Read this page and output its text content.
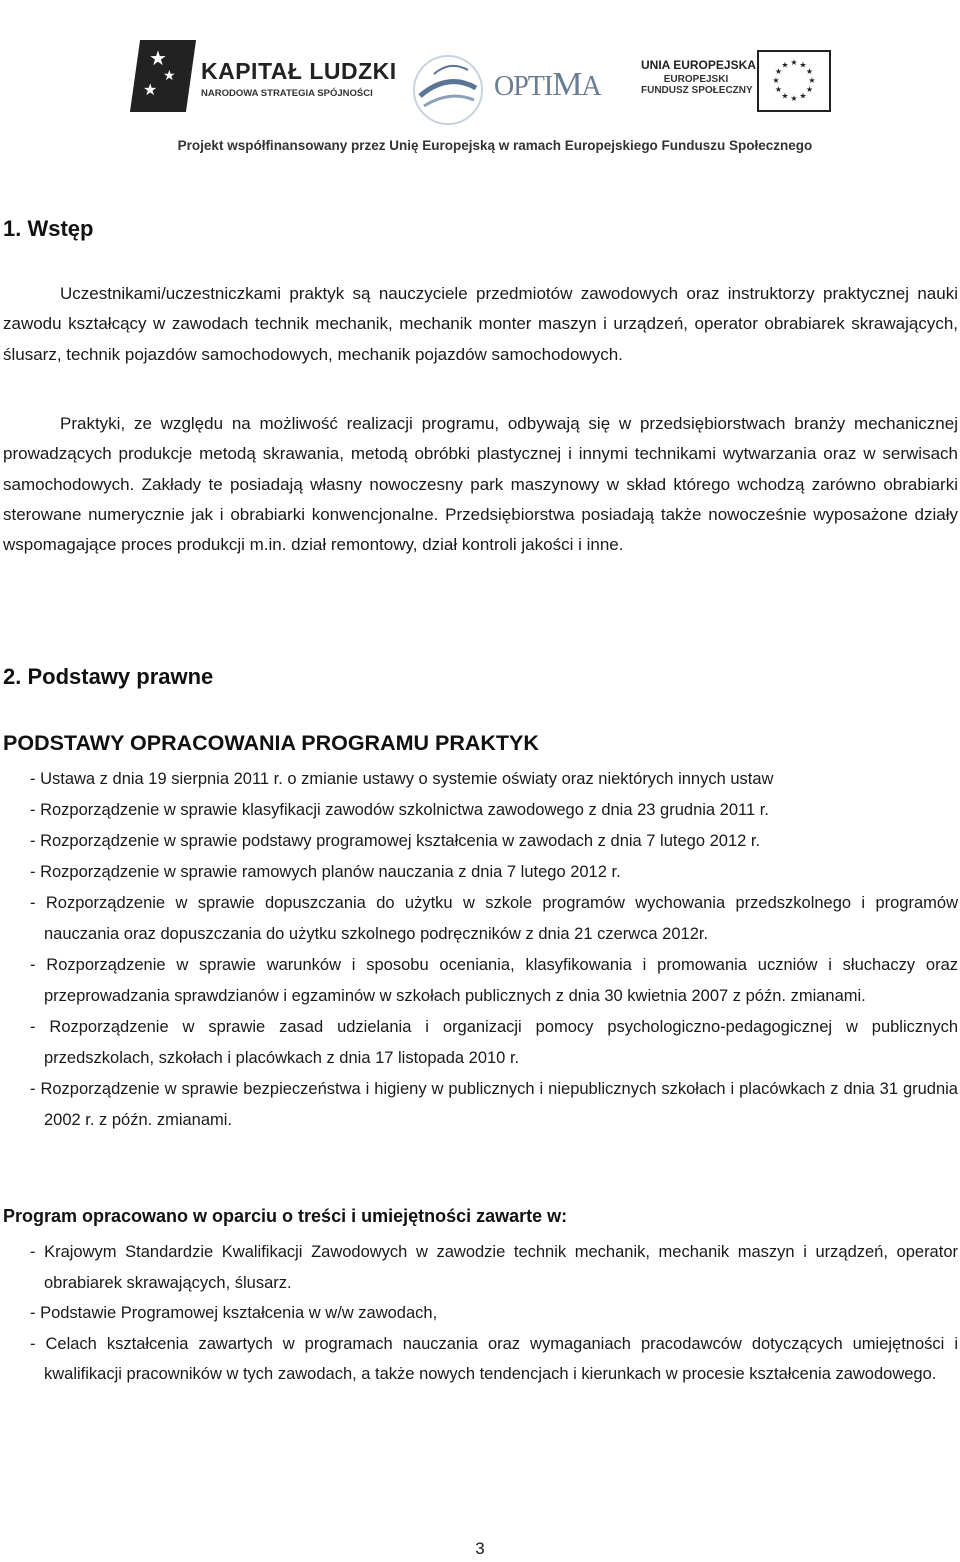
★
★
★
KAPITAŁ LUDZKI
NARODOWA STRATEGIA SPÓJNOŚCI	OPTIMA
UNIA EUROPEJSKA
EUROPEJSKI
FUNDUSZ SPOŁECZNY
★ ★
★
★
★
★
★
★
★
★
★
★
Projekt współfinansowany przez Unię Europejską w ramach Europejskiego Funduszu Społecznego
1. Wstęp

Uczestnikami/uczestniczkami praktyk są nauczyciele przedmiotów zawodowych oraz instruktorzy praktycznej nauki zawodu kształcący w zawodach technik mechanik, mechanik monter maszyn i urządzeń, operator obrabiarek skrawających, ślusarz, technik pojazdów samochodowych, mechanik pojazdów samochodowych.

Praktyki, ze względu na możliwość realizacji programu, odbywają się w przedsiębiorstwach branży mechanicznej prowadzących produkcje metodą skrawania, metodą obróbki plastycznej i innymi technikami wytwarzania oraz w serwisach samochodowych. Zakłady te posiadają własny nowoczesny park maszynowy w skład którego wchodzą zarówno obrabiarki sterowane numerycznie jak i obrabiarki konwencjonalne. Przedsiębiorstwa posiadają także nowocześnie wyposażone działy wspomagające proces produkcji m.in. dział remontowy, dział kontroli jakości i inne.

2. Podstawy prawne
PODSTAWY OPRACOWANIA PROGRAMU PRAKTYK
- Ustawa z dnia 19 sierpnia 2011 r. o zmianie ustawy o systemie oświaty oraz niektórych innych ustaw
- Rozporządzenie w sprawie klasyfikacji zawodów szkolnictwa zawodowego z dnia 23 grudnia 2011 r.
- Rozporządzenie w sprawie podstawy programowej kształcenia w zawodach z dnia 7 lutego 2012 r.
- Rozporządzenie w sprawie ramowych planów nauczania z dnia 7 lutego 2012 r.
- Rozporządzenie w sprawie dopuszczania do użytku w szkole programów wychowania przedszkolnego i programów nauczania oraz dopuszczania do użytku szkolnego podręczników z dnia 21 czerwca 2012r.
- Rozporządzenie w sprawie warunków i sposobu oceniania, klasyfikowania i promowania uczniów i słuchaczy oraz przeprowadzania sprawdzianów i egzaminów w szkołach publicznych z dnia 30 kwietnia 2007 z późn. zmianami.
- Rozporządzenie w sprawie zasad udzielania i organizacji pomocy psychologiczno-pedagogicznej w publicznych przedszkolach, szkołach i placówkach z dnia 17 listopada 2010 r.
- Rozporządzenie w sprawie bezpieczeństwa i higieny w publicznych i niepublicznych szkołach i placówkach z dnia 31 grudnia 2002 r. z późn. zmianami.
Program opracowano w oparciu o treści i umiejętności zawarte w:
- Krajowym Standardzie Kwalifikacji Zawodowych w zawodzie technik mechanik, mechanik maszyn i urządzeń, operator obrabiarek skrawających, ślusarz.
- Podstawie Programowej kształcenia w w/w zawodach,
- Celach kształcenia zawartych w programach nauczania oraz wymaganiach pracodawców dotyczących umiejętności i kwalifikacji pracowników w tych zawodach, a także nowych tendencjach i kierunkach w procesie kształcenia zawodowego.
3
